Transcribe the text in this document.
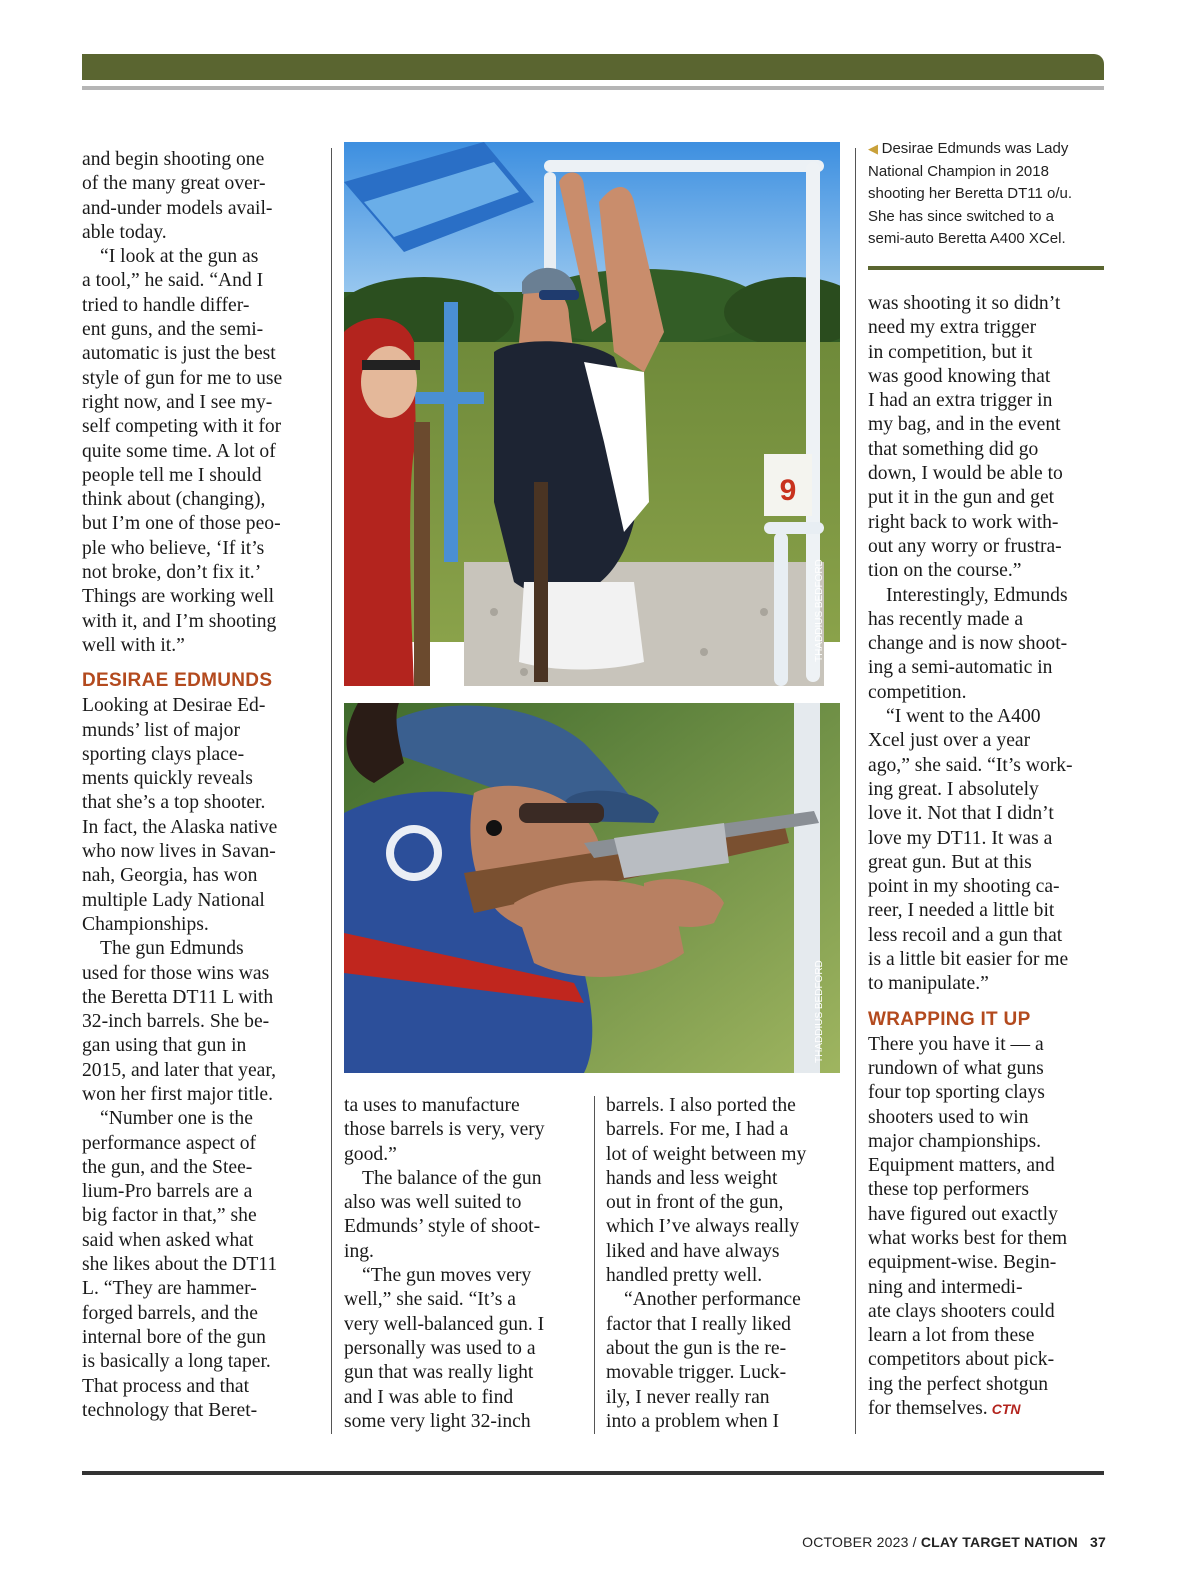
and begin shooting one

of the many great over-

and-under models avail-

able today.

“I look at the gun as

a tool,” he said. “And I

tried to handle differ-

ent guns, and the semi-

automatic is just the best

style of gun for me to use

right now, and I see my-

self competing with it for

quite some time. A lot of

people tell me I should

think about (changing),

but I’m one of those peo-

ple who believe, ‘If it’s

not broke, don’t fix it.’

Things are working well

with it, and I’m shooting

well with it.”

DESIRAE EDMUNDS

Looking at Desirae Ed-

munds’ list of major

sporting clays place-

ments quickly reveals

that she’s a top shooter.

In fact, the Alaska native

who now lives in Savan-

nah, Georgia, has won

multiple Lady National

Championships.

The gun Edmunds

used for those wins was

the Beretta DT11 L with

32-inch barrels. She be-

gan using that gun in

2015, and later that year,

won her first major title.

“Number one is the

performance aspect of

the gun, and the Stee-

lium-Pro barrels are a

big factor in that,” she

said when asked what

she likes about the DT11

L. “They are hammer-

forged barrels, and the

internal bore of the gun

is basically a long taper.

That process and that

technology that Beret-

9
THADDIUS BEDFORD
THADDIUS BEDFORD

ta uses to manufacture

those barrels is very, very

good.”

The balance of the gun

also was well suited to

Edmunds’ style of shoot-

ing.

“The gun moves very

well,” she said. “It’s a

very well-balanced gun. I

personally was used to a

gun that was really light

and I was able to find

some very light 32-inch

barrels. I also ported the

barrels. For me, I had a

lot of weight between my

hands and less weight

out in front of the gun,

which I’ve always really

liked and have always

handled pretty well.

“Another performance

factor that I really liked

about the gun is the re-

movable trigger. Luck-

ily, I never really ran

into a problem when I

◀ Desirae Edmunds was Lady

National Champion in 2018

shooting her Beretta DT11 o/u.

She has since switched to a

semi-auto Beretta A400 XCel.

was shooting it so didn’t

need my extra trigger

in competition, but it

was good knowing that

I had an extra trigger in

my bag, and in the event

that something did go

down, I would be able to

put it in the gun and get

right back to work with-

out any worry or frustra-

tion on the course.”

Interestingly, Edmunds

has recently made a

change and is now shoot-

ing a semi-automatic in

competition.

“I went to the A400

Xcel just over a year

ago,” she said. “It’s work-

ing great. I absolutely

love it. Not that I didn’t

love my DT11. It was a

great gun. But at this

point in my shooting ca-

reer, I needed a little bit

less recoil and a gun that

is a little bit easier for me

to manipulate.”

WRAPPING IT UP

There you have it — a

rundown of what guns

four top sporting clays

shooters used to win

major championships.

Equipment matters, and

these top performers

have figured out exactly

what works best for them

equipment-wise. Begin-

ning and intermedi-

ate clays shooters could

learn a lot from these

competitors about pick-

ing the perfect shotgun

for themselves. CTN

OCTOBER 2023 / CLAY TARGET NATION 37
